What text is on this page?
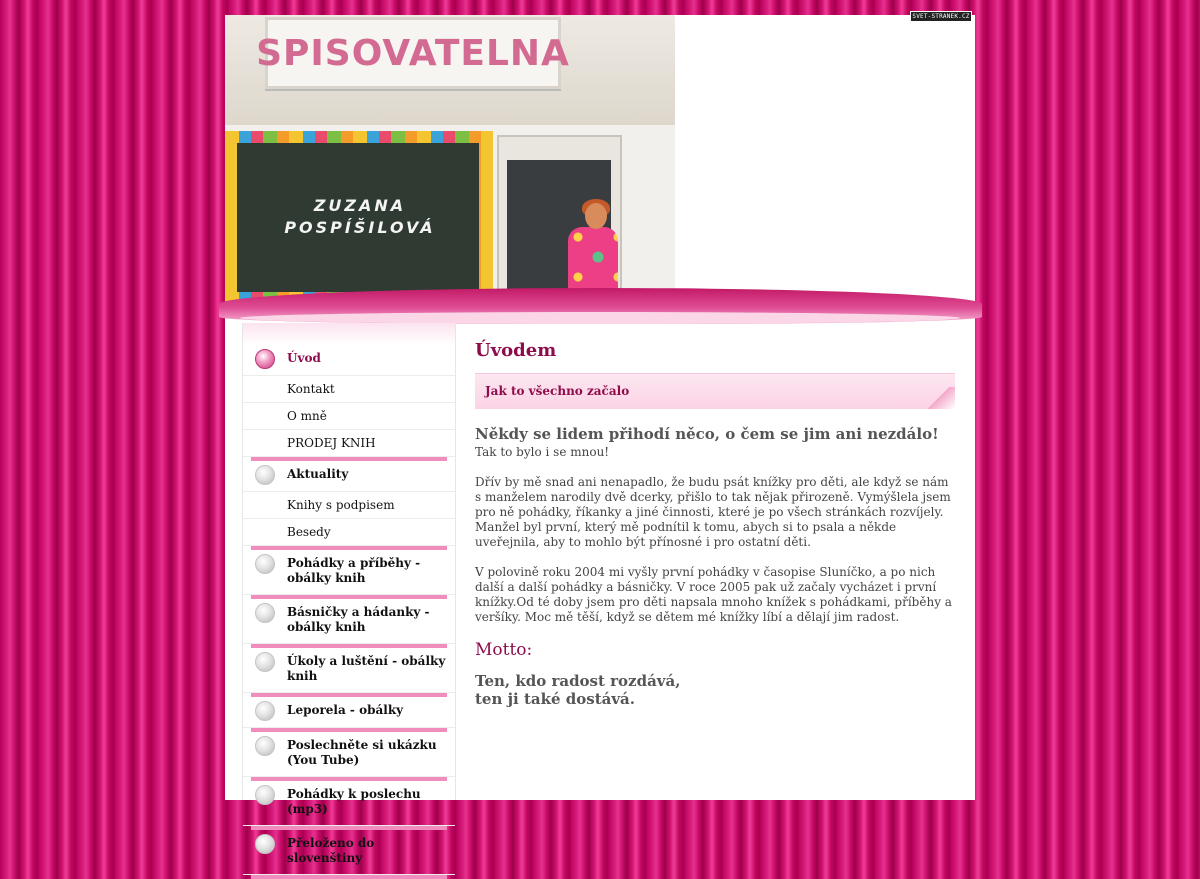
SVET-STRANEK.CZ
SPISOVATELNA
ZUZANA
POSPÍŠILOVÁ
Úvod
Kontakt
O mně
PRODEJ KNIH
Aktuality
Knihy s podpisem
Besedy
Pohádky a příběhy - obálky knih
Básničky a hádanky - obálky knih
Úkoly a luštění - obálky knih
Leporela - obálky
Poslechněte si ukázku (You Tube)
Pohádky k poslechu (mp3)
Přeloženo do slovenštiny
Úvodem
Jak to všechno začalo
Někdy se lidem přihodí něco, o čem se jim ani nezdálo!

Tak to bylo i se mnou!

Dřív by mě snad ani nenapadlo, že budu psát knížky pro děti, ale když se nám s manželem narodily dvě dcerky, přišlo to tak nějak přirozeně. Vymýšlela jsem pro ně pohádky, říkanky a jiné činnosti, které je po všech stránkách rozvíjely. Manžel byl první, který mě podnítil k tomu, abych si to psala a někde uveřejnila, aby to mohlo být přínosné i pro ostatní děti.

V polovině roku 2004 mi vyšly první pohádky v časopise Sluníčko, a po nich další a další pohádky a básničky. V roce 2005 pak už začaly vycházet i první knížky.Od té doby jsem pro děti napsala mnoho knížek s pohádkami, příběhy a veršíky. Moc mě těší, když se dětem mé knížky líbí a dělají jim radost.

Motto:
Ten, kdo radost rozdává,
ten ji také dostává.
